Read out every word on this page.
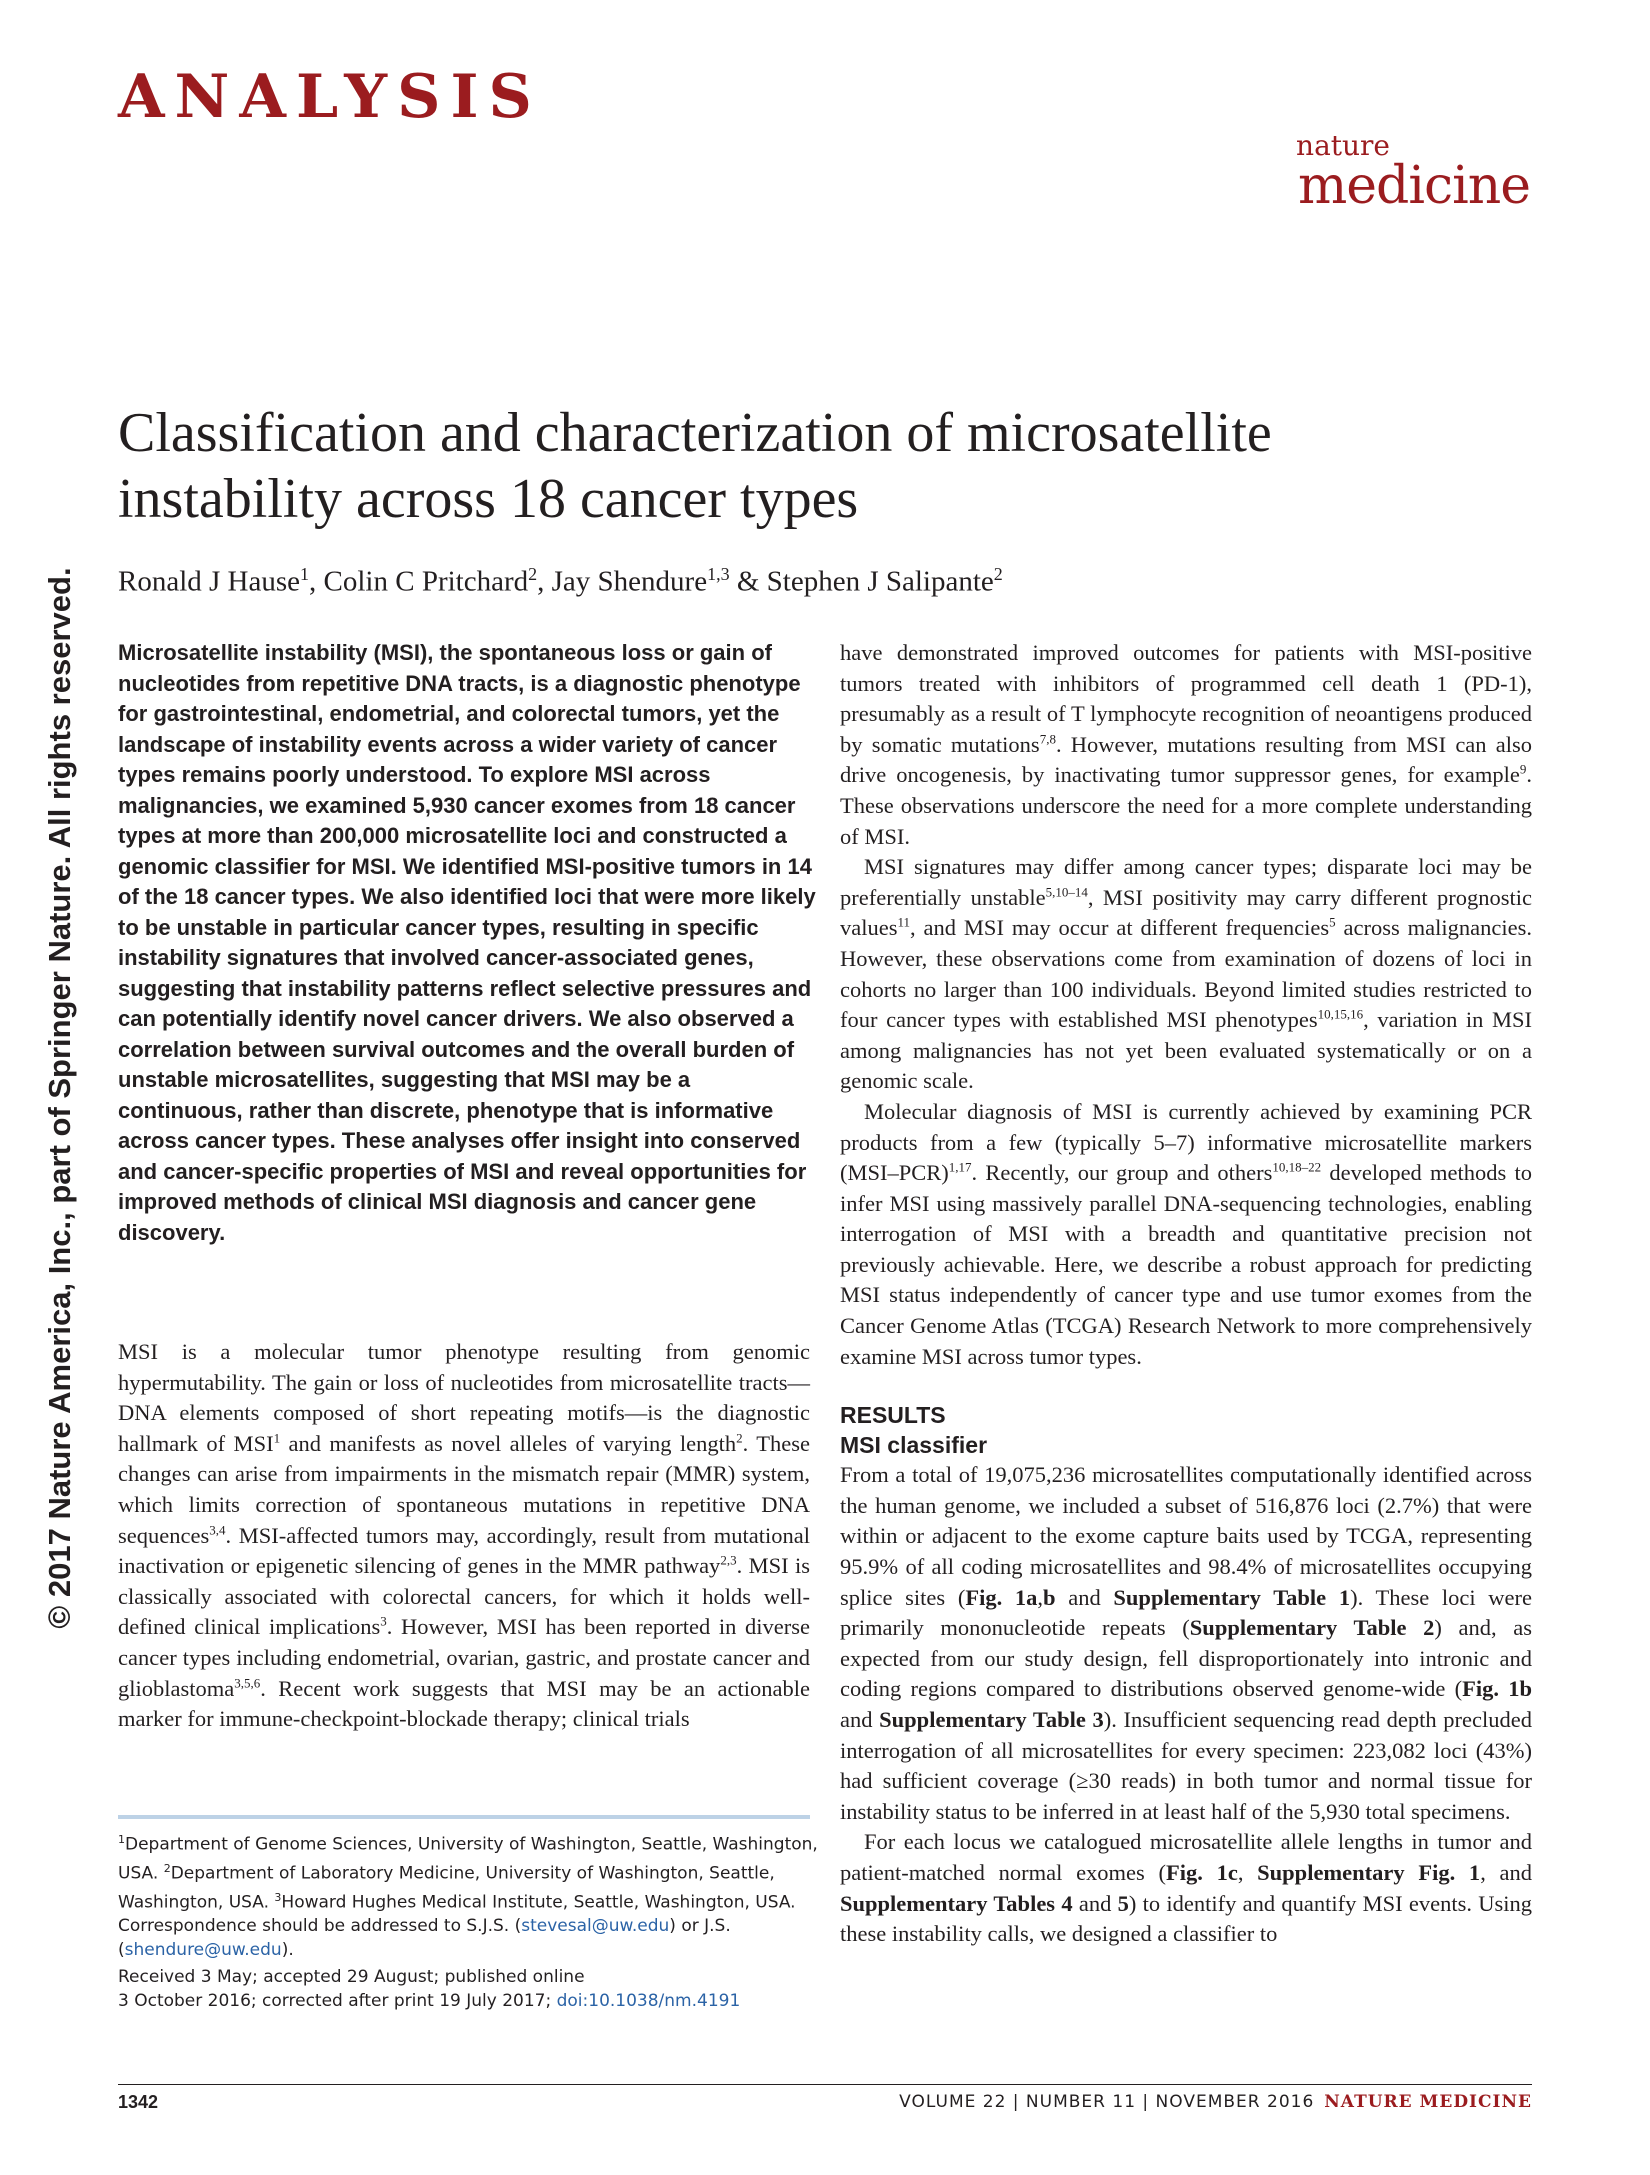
ANALYSIS
nature
medicine
Classification and characterization of microsatellite
instability across 18 cancer types
Ronald J Hause$^1$, Colin C Pritchard$^2$, Jay Shendure$^{1,3}$ & Stephen J Salipante$^2$
© 2017 Nature America, Inc., part of Springer Nature. All rights reserved. Microsatellite instability (MSI), the spontaneous loss or gain of nucleotides from repetitive DNA tracts, is a diagnostic phenotype for gastrointestinal, endometrial, and colorectal tumors, yet the landscape of instability events across a wider variety of cancer types remains poorly understood. To explore MSI across malignancies, we examined 5,930 cancer exomes from 18 cancer types at more than 200,000 microsatellite loci and constructed a genomic classifier for MSI. We identified MSI-positive tumors in 14 of the 18 cancer types. We also identified loci that were more likely to be unstable in particular cancer types, resulting in specific instability signatures that involved cancer-associated genes, suggesting that instability patterns reflect selective pressures and can potentially identify novel cancer drivers. We also observed a correlation between survival outcomes and the overall burden of unstable microsatellites, suggesting that MSI may be a continuous, rather than discrete, phenotype that is informative across cancer types. These analyses offer insight into conserved and cancer-specific properties of MSI and reveal opportunities for improved methods of clinical MSI diagnosis and cancer gene discovery.

MSI is a molecular tumor phenotype resulting from genomic hypermutability. The gain or loss of nucleotides from microsatellite tracts—DNA elements composed of short repeating motifs—is the diagnostic hallmark of MSI$^1$ and manifests as novel alleles of varying length$^2$. These changes can arise from impairments in the mismatch repair (MMR) system, which limits correction of spontaneous mutations in repetitive DNA sequences$^{3,4}$. MSI-affected tumors may, accordingly, result from mutational inactivation or epigenetic silencing of genes in the MMR pathway$^{2,3}$. MSI is classically associated with colorectal cancers, for which it holds well-defined clinical implications$^3$. However, MSI has been reported in diverse cancer types including endometrial, ovarian, gastric, and prostate cancer and glioblastoma$^{3,5,6}$. Recent work suggests that MSI may be an actionable marker for immune-checkpoint-blockade therapy; clinical trials

have demonstrated improved outcomes for patients with MSI-positive tumors treated with inhibitors of programmed cell death 1 (PD-1), presumably as a result of T lymphocyte recognition of neoantigens produced by somatic mutations$^{7,8}$. However, mutations resulting from MSI can also drive oncogenesis, by inactivating tumor suppressor genes, for example$^9$. These observations underscore the need for a more complete understanding of MSI.

MSI signatures may differ among cancer types; disparate loci may be preferentially unstable$^{5,10-14}$, MSI positivity may carry different prognostic values$^{11}$, and MSI may occur at different frequencies$^5$ across malignancies. However, these observations come from examination of dozens of loci in cohorts no larger than 100 individuals. Beyond limited studies restricted to four cancer types with established MSI phenotypes$^{10,15,16}$, variation in MSI among malignancies has not yet been evaluated systematically or on a genomic scale.

Molecular diagnosis of MSI is currently achieved by examining PCR products from a few (typically 5–7) informative microsatellite markers $(MSI-PCR)^{1,17}$. Recently, our group and others$^{10,18-22}$ developed methods to infer MSI using massively parallel DNA-sequencing technologies, enabling interrogation of MSI with a breadth and quantitative precision not previously achievable. Here, we describe a robust approach for predicting MSI status independently of cancer type and use tumor exomes from the Cancer Genome Atlas (TCGA) Research Network to more comprehensively examine MSI across tumor types.

RESULTS
MSI classifier

From a total of 19,075,236 microsatellites computationally identified across the human genome, we included a subset of 516,876 loci (2.7%) that were within or adjacent to the exome capture baits used by TCGA, representing 95.9% of all coding microsatellites and 98.4% of microsatellites occupying splice sites (Fig. 1a,b and Supplementary Table 1). These loci were primarily mononucleotide repeats (Supplementary Table 2) and, as expected from our study design, fell disproportionately into intronic and coding regions compared to distributions observed genome-wide (Fig. 1b and Supplementary Table 3). Insufficient sequencing read depth precluded interrogation of all microsatellites for every specimen: 223,082 loci (43%) had sufficient coverage (≥30 reads) in both tumor and normal tissue for instability status to be inferred in at least half of the 5,930 total specimens.

For each locus we catalogued microsatellite allele lengths in tumor and patient-matched normal exomes (Fig. 1c, Supplementary Fig. 1, and Supplementary Tables 4 and 5) to identify and quantify MSI events. Using these instability calls, we designed a classifier to

$^1$Department of Genome Sciences, University of Washington, Seattle, Washington, USA. $^2$Department of Laboratory Medicine, University of Washington, Seattle, Washington, USA. $^3$Howard Hughes Medical Institute, Seattle, Washington, USA. Correspondence should be addressed to S.J.S. (stevesal@uw.edu) or J.S. (shendure@uw.edu).
Received 3 May; accepted 29 August; published online
3 October 2016; corrected after print 19 July 2017; doi:10.1038/nm.4191
1342	VOLUME 22 | NUMBER 11 | NOVEMBER 2016 NATURE MEDICINE
